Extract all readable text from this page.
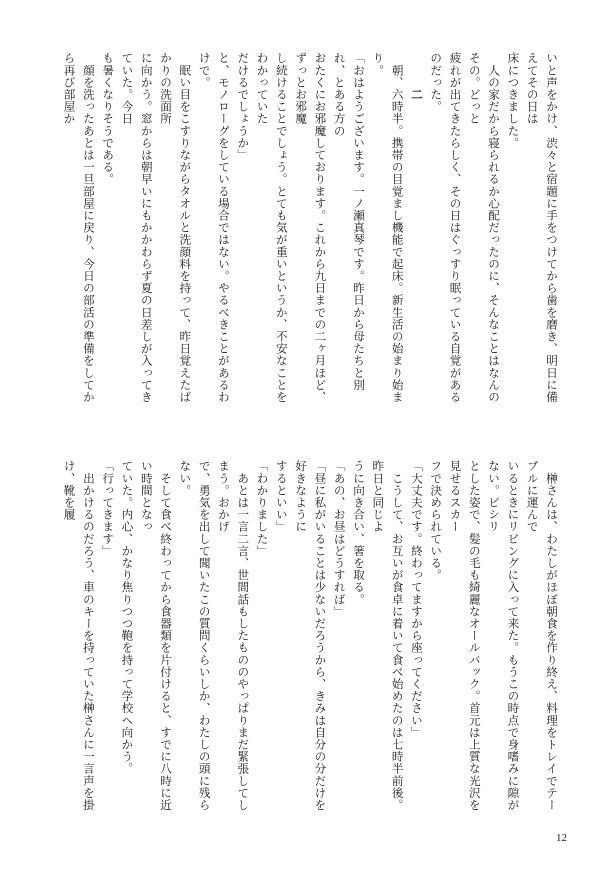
いと声をかけ、渋々と宿題に手をつけてから歯を磨き、明日に備えてその日は
床につきました。
　人の家だから寝られるか心配だったのに、そんなことはなんのその。どっと
疲れが出てきたらしく、その日はぐっすり眠っている自覚があるのだった。
　　　二
　朝、六時半。携帯の目覚まし機能で起床。新生活の始まり始まり。
「おはようございます。一ノ瀬真琴です。昨日から母たちと別れ、とある方の
おたくにお邪魔しております。これから九日までの二ヶ月ほど、ずっとお邪魔
し続けることでしょう。とても気が重いというか、不安なことをわかっていた
だけるでしょうか」
と、モノローグをしている場合ではない。やるべきことがあるわけで。
　眠い目をこすりながらタオルと洗顔料を持って、昨日覚えたばかりの洗面所
に向かう。窓からは朝早いにもかかわらず夏の日差しが入ってきていた。今日
も暑くなりそうである。
　顔を洗ったあとは一旦部屋に戻り、今日の部活の準備をしてから再び部屋か
　榊さんは、わたしがほぼ朝食を作り終え、料理をトレイでテーブルに運んで
いるときにリビングに入って来た。もうこの時点で身嗜みに隙がない。ピシリ
とした姿で、髪の毛も綺麗なオールバック。首元は上質な光沢を見せるスカー
フで決められている。
「大丈夫です。終わってますから座ってください」
　こうして、お互いが食卓に着いて食べ始めたのは七時半前後。昨日と同じよ
うに向き合い、箸を取る。
「あの、お昼はどうすれば」
「昼に私がいることは少ないだろうから、きみは自分の分だけを好きなように
するといい」
「わかりました」
　あとは一言二言、世間話もしたもののやっぱりまだ緊張してしまう。おかげ
で、勇気を出して聞いたこの質問くらいしか、わたしの頭に残らない。
　そして食べ終わってから食器類を片付けると、すでに八時に近い時間となっ
ていた。内心、かなり焦りつつ鞄を持って学校へ向かう。
「行ってきます」
　出かけるのだろう、車のキーを持っていた榊さんに一言声を掛け、靴を履
12
